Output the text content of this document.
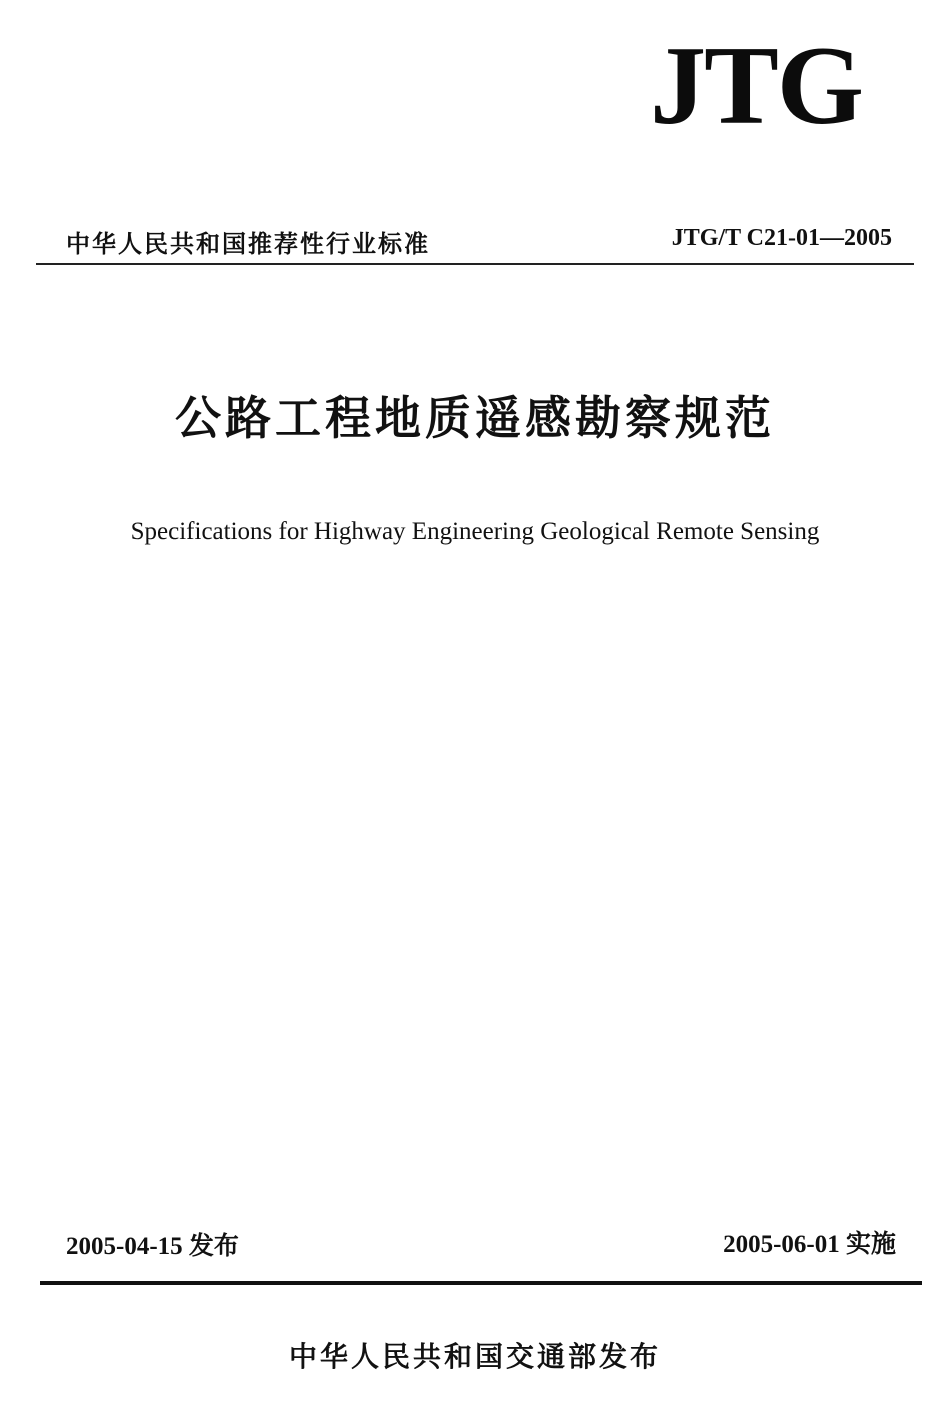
JTG
中华人民共和国推荐性行业标准	JTG/T C21-01—2005
公路工程地质遥感勘察规范
Specifications for Highway Engineering Geological Remote Sensing
2005-04-15 发布	2005-06-01 实施
中华人民共和国交通部发布
